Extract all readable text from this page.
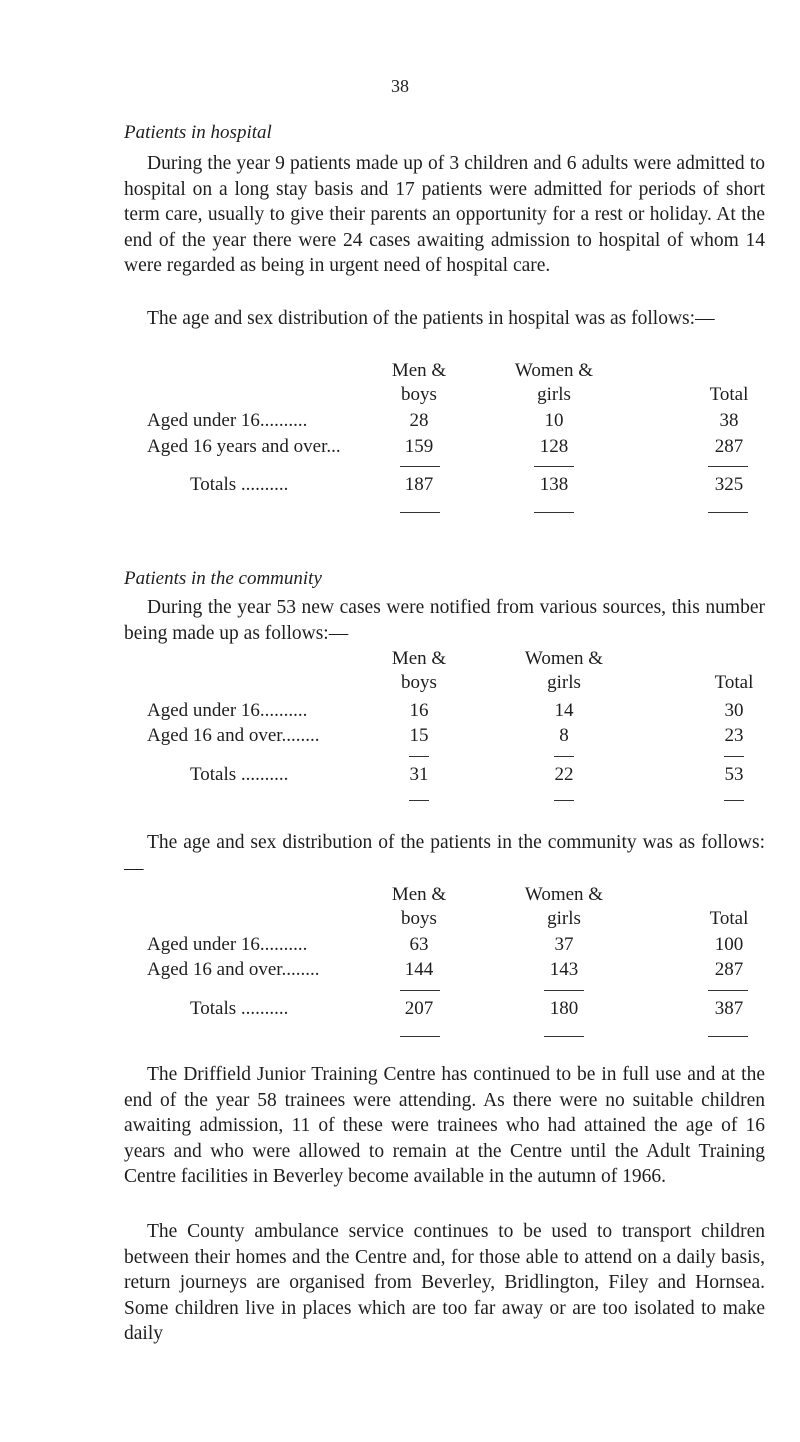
38
Patients in hospital

During the year 9 patients made up of 3 children and 6 adults were admitted to hospital on a long stay basis and 17 patients were admitted for periods of short term care, usually to give their parents an opportunity for a rest or holiday. At the end of the year there were 24 cases awaiting admission to hospital of whom 14 were regarded as being in urgent need of hospital care.

The age and sex distribution of the patients in hospital was as follows:—

Men &	Women &
boys	girls	Total
Aged under 16..........	28	10	38
Aged 16 years and over...	159	128	287
Totals ..........	187	138	325
Patients in the community

During the year 53 new cases were notified from various sources, this number being made up as follows:—

Men &	Women &
boys	girls	Total
Aged under 16..........	16	14	30
Aged 16 and over........	15	8	23
Totals ..........	31	22	53

The age and sex distribution of the patients in the community was as follows:—

Men &	Women &
boys	girls	Total
Aged under 16..........	63	37	100
Aged 16 and over........	144	143	287
Totals ..........	207	180	387

The Driffield Junior Training Centre has continued to be in full use and at the end of the year 58 trainees were attending. As there were no suitable children awaiting admission, 11 of these were trainees who had attained the age of 16 years and who were allowed to remain at the Centre until the Adult Training Centre facilities in Beverley become available in the autumn of 1966.

The County ambulance service continues to be used to transport children between their homes and the Centre and, for those able to attend on a daily basis, return journeys are organised from Beverley, Bridlington, Filey and Hornsea. Some children live in places which are too far away or are too isolated to make daily
